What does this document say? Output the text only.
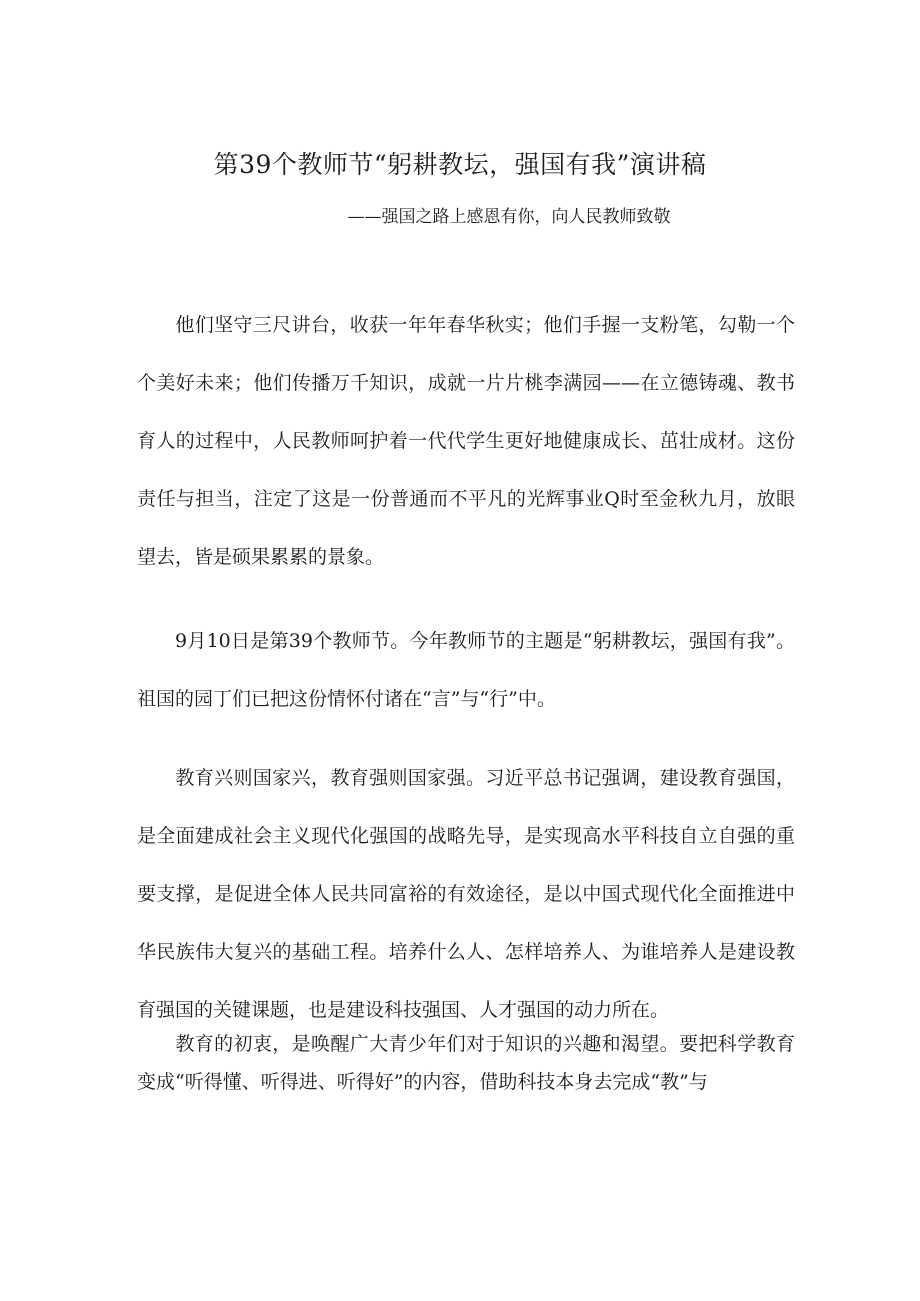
第39个教师节“躬耕教坛，强国有我”演讲稿
——强国之路上感恩有你，向人民教师致敬

他们坚守三尺讲台，收获一年年春华秋实；他们手握一支粉笔，勾勒一个个美好未来；他们传播万千知识，成就一片片桃李满园——在立德铸魂、教书育人的过程中，人民教师呵护着一代代学生更好地健康成长、茁壮成材。这份责任与担当，注定了这是一份普通而不平凡的光辉事业Q时至金秋九月，放眼望去，皆是硕果累累的景象。

9月10日是第39个教师节。今年教师节的主题是“躬耕教坛，强国有我”。祖国的园丁们已把这份情怀付诸在“言”与“行”中。

教育兴则国家兴，教育强则国家强。习近平总书记强调，建设教育强国，是全面建成社会主义现代化强国的战略先导，是实现高水平科技自立自强的重要支撑，是促进全体人民共同富裕的有效途径，是以中国式现代化全面推进中华民族伟大复兴的基础工程。培养什么人、怎样培养人、为谁培养人是建设教育强国的关键课题，也是建设科技强国、人才强国的动力所在。

教育的初衷，是唤醒广大青少年们对于知识的兴趣和渴望。要把科学教育变成“听得懂、听得进、听得好”的内容，借助科技本身去完成“教”与
